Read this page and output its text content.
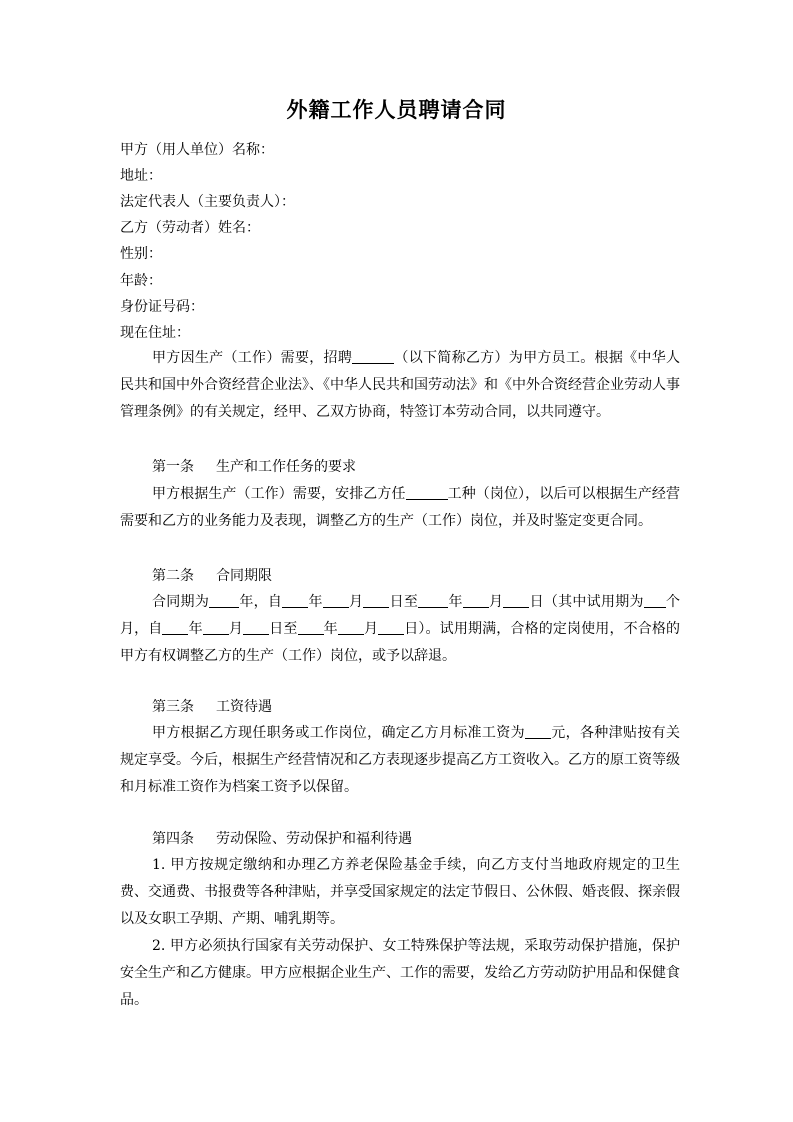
外籍工作人员聘请合同

甲方（用人单位）名称：

地址：

法定代表人（主要负责人）：

乙方（劳动者）姓名：

性别：

年龄：

身份证号码：

现在住址：

甲方因生产（工作）需要，招聘	（以下简称乙方）为甲方员工。根据《中华人民共和国中外合资经营企业法》、《中华人民共和国劳动法》和《中外合资经营企业劳动人事管理条例》的有关规定，经甲、乙双方协商，特签订本劳动合同，以共同遵守。

第一条 生产和工作任务的要求

甲方根据生产（工作）需要，安排乙方任	工种（岗位），以后可以根据生产经营需要和乙方的业务能力及表现，调整乙方的生产（工作）岗位，并及时鉴定变更合同。

第二条 合同期限

合同期为 年，自 年 月 日至 年 月 日（其中试用期为 个月，自 年 月 日至 年 月 日）。试用期满，合格的定岗使用，不合格的甲方有权调整乙方的生产（工作）岗位，或予以辞退。

第三条 工资待遇

甲方根据乙方现任职务或工作岗位，确定乙方月标准工资为 元，各种津贴按有关规定享受。今后，根据生产经营情况和乙方表现逐步提高乙方工资收入。乙方的原工资等级和月标准工资作为档案工资予以保留。

第四条 劳动保险、劳动保护和福利待遇

1. 甲方按规定缴纳和办理乙方养老保险基金手续，向乙方支付当地政府规定的卫生费、交通费、书报费等各种津贴，并享受国家规定的法定节假日、公休假、婚丧假、探亲假以及女职工孕期、产期、哺乳期等。

2. 甲方必须执行国家有关劳动保护、女工特殊保护等法规，采取劳动保护措施，保护安全生产和乙方健康。甲方应根据企业生产、工作的需要，发给乙方劳动防护用品和保健食品。
